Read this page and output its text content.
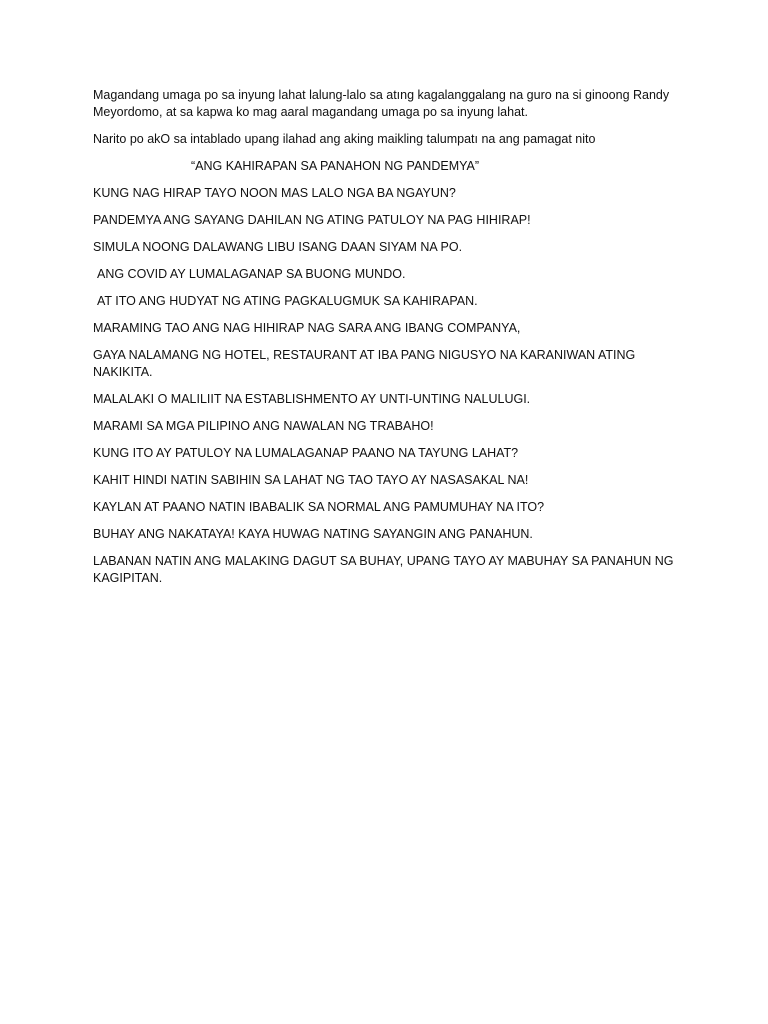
Magandang umaga po sa inyung lahat lalung-lalo sa atıng kagalanggalang na guro na si ginoong Randy Meyordomo, at sa kapwa ko mag aaral magandang umaga po sa inyung lahat.

Narito po akO sa intablado upang ilahad ang aking maikling talumpatı na ang pamagat nito

“ANG KAHIRAPAN SA PANAHON NG PANDEMYA”

KUNG NAG HIRAP TAYO NOON MAS LALO NGA BA NGAYUN?

PANDEMYA ANG SAYANG DAHILAN NG ATING PATULOY NA PAG HIHIRAP!

SIMULA NOONG DALAWANG LIBU ISANG DAAN SIYAM NA PO.

ANG COVID AY LUMALAGANAP SA BUONG MUNDO.

AT ITO ANG HUDYAT NG ATING PAGKALUGMUK SA KAHIRAPAN.

MARAMING TAO ANG NAG HIHIRAP NAG SARA ANG IBANG COMPANYA,

GAYA NALAMANG NG HOTEL, RESTAURANT AT IBA PANG NIGUSYO NA KARANIWAN ATING NAKIKITA.

MALALAKI O MALILIIT NA ESTABLISHMENTO AY UNTI-UNTING NALULUGI.

MARAMI SA MGA PILIPINO ANG NAWALAN NG TRABAHO!

KUNG ITO AY PATULOY NA LUMALAGANAP PAANO NA TAYUNG LAHAT?

KAHIT HINDI NATIN SABIHIN SA LAHAT NG TAO TAYO AY NASASAKAL NA!

KAYLAN AT PAANO NATIN IBABALIK SA NORMAL ANG PAMUMUHAY NA ITO?

BUHAY ANG NAKATAYA! KAYA HUWAG NATING SAYANGIN ANG PANAHUN.

LABANAN NATIN ANG MALAKING DAGUT SA BUHAY, UPANG TAYO AY MABUHAY SA PANAHUN NG KAGIPITAN.
